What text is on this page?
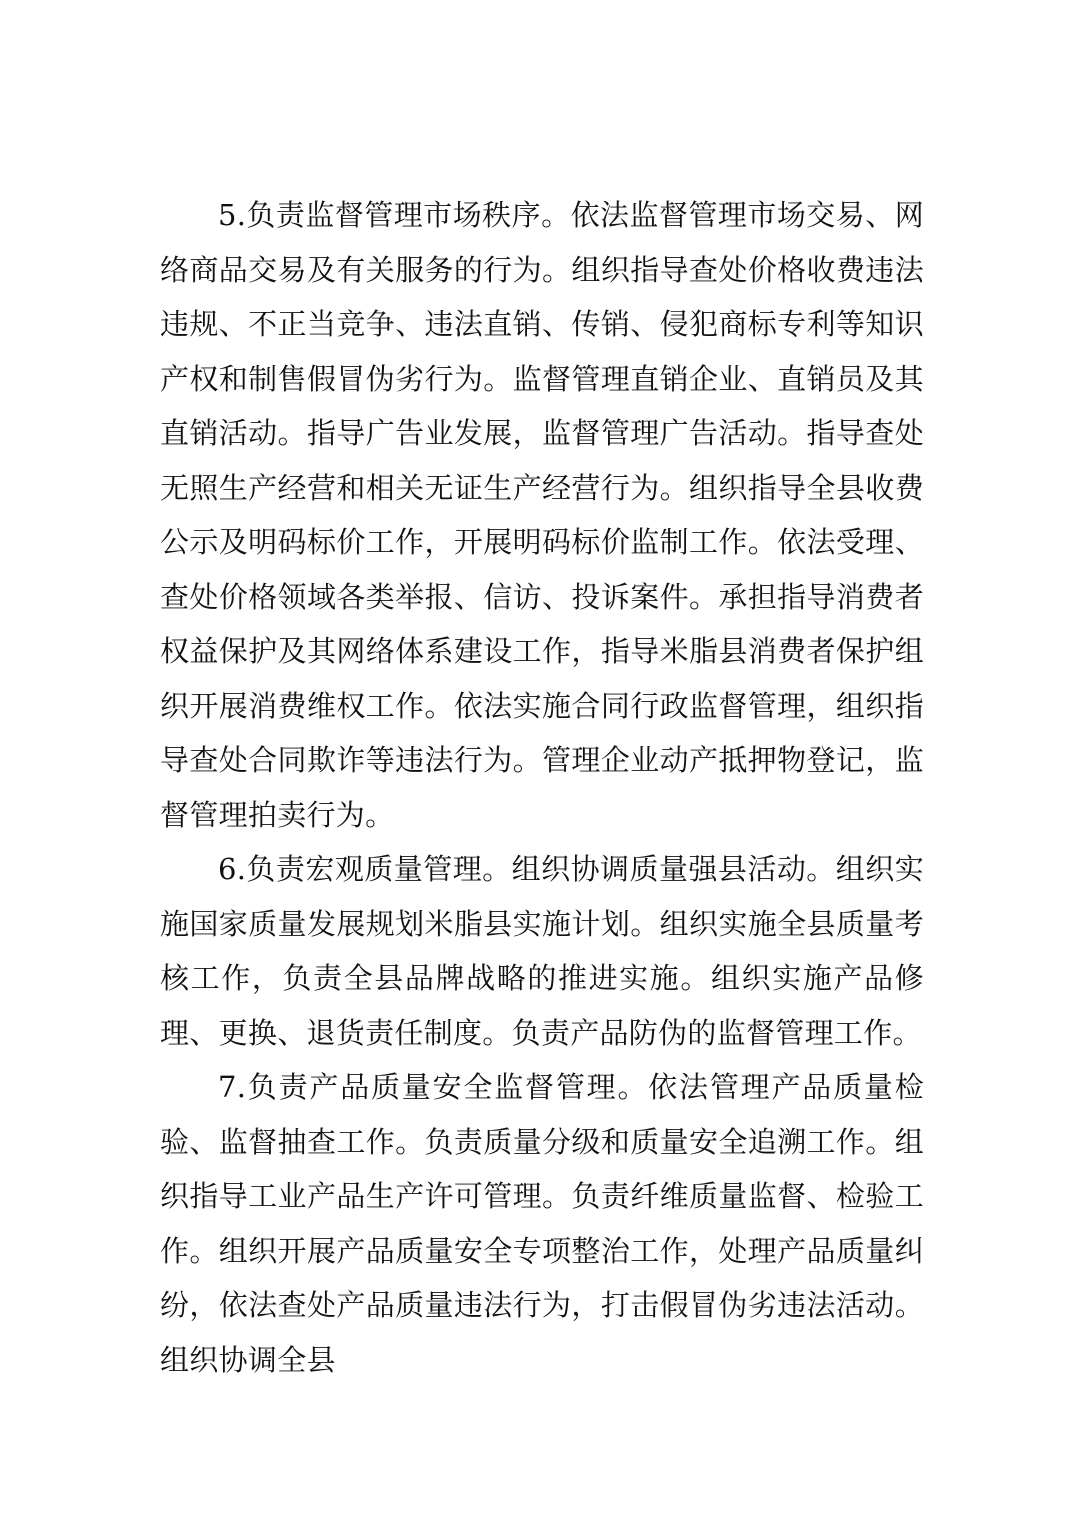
5.负责监督管理市场秩序。依法监督管理市场交易、网络商品交易及有关服务的行为。组织指导查处价格收费违法违规、不正当竞争、违法直销、传销、侵犯商标专利等知识产权和制售假冒伪劣行为。监督管理直销企业、直销员及其直销活动。指导广告业发展，监督管理广告活动。指导查处无照生产经营和相关无证生产经营行为。组织指导全县收费公示及明码标价工作，开展明码标价监制工作。依法受理、查处价格领域各类举报、信访、投诉案件。承担指导消费者权益保护及其网络体系建设工作，指导米脂县消费者保护组织开展消费维权工作。依法实施合同行政监督管理，组织指导查处合同欺诈等违法行为。管理企业动产抵押物登记，监督管理拍卖行为。

6.负责宏观质量管理。组织协调质量强县活动。组织实施国家质量发展规划米脂县实施计划。组织实施全县质量考核工作，负责全县品牌战略的推进实施。组织实施产品修理、更换、退货责任制度。负责产品防伪的监督管理工作。

7.负责产品质量安全监督管理。依法管理产品质量检验、监督抽查工作。负责质量分级和质量安全追溯工作。组织指导工业产品生产许可管理。负责纤维质量监督、检验工作。组织开展产品质量安全专项整治工作，处理产品质量纠纷，依法查处产品质量违法行为，打击假冒伪劣违法活动。组织协调全县
